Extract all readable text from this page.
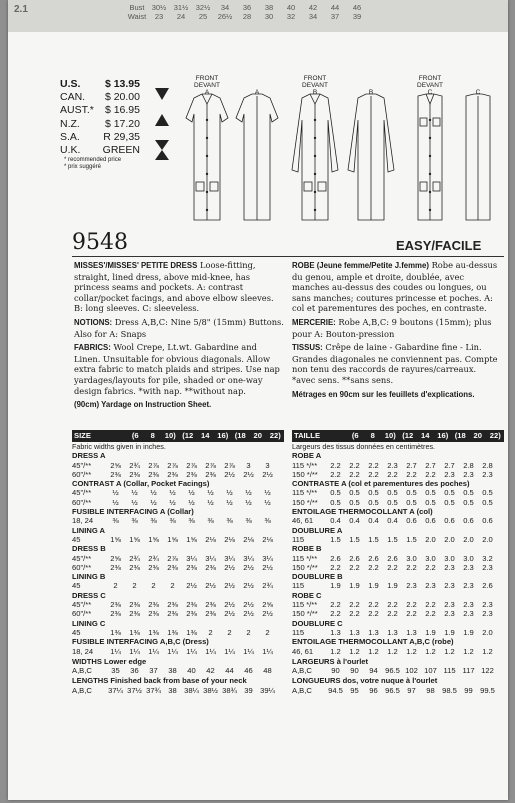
2.1	Bust 30½ 31½ 32½ 34 36 38 40 42 44 46
Waist 23 24 25 26½ 28 30 32 34 37 39
U.S.	$ 13.95
CAN.	$ 20.00
AUST.*	$ 16.95
N.Z.	$ 17.20
S.A.	R 29,35
U.K.	GREEN
* recommended price
* prix suggéré
FRONT
DEVANT
A	A
FRONT
DEVANT
B	B
FRONT
DEVANT
C	C
9548	EASY/FACILE

MISSES'/MISSES' PETITE DRESS Loose-fitting, straight, lined dress, above mid-knee, has princess seams and pockets. A: contrast collar/pocket facings, and above elbow sleeves. B: long sleeves. C: sleeveless.

NOTIONS: Dress A,B,C: Nine 5/8" (15mm) Buttons. Also for A: Snaps

FABRICS: Wool Crepe, Lt.wt. Gabardine and Linen. Unsuitable for obvious diagonals. Allow extra fabric to match plaids and stripes. Use nap yardages/layouts for pile, shaded or one-way design fabrics. *with nap. **without nap.

(90cm) Yardage on Instruction Sheet.

ROBE (Jeune femme/Petite J.femme) Robe au-dessus du genou, ample et droite, doublée, avec manches au-dessus des coudes ou longues, ou sans manches; coutures princesse et poches. A: col et parementures des poches, en contraste.

MERCERIE: Robe A,B,C: 9 boutons (15mm); plus pour A: Bouton-pression

TISSUS: Crêpe de laine - Gabardine fine - Lin. Grandes diagonales ne conviennent pas. Compte non tenu des raccords de rayures/carreaux. *avec sens. **sans sens.

Métrages en 90cm sur les feuillets d'explications.

SIZE	(6	8	10) (12	14	16) (18	20	22)
Fabric widths given in inches.
DRESS A
45"/**	2⅝	2¾	2⅞	2⅞	2⅞	2⅞	2⅞	3	3
60"/**	2⅜	2⅜	2⅜	2⅜	2⅜	2⅜	2½	2½	2½
CONTRAST A (Collar, Pocket Facings)
45"/**	½	½	½	½	½	½	½	½	½
60"/**	½	½	½	½	½	½	½	½	½
FUSIBLE INTERFACING A (Collar)
18, 24	⅜	⅜	⅜	⅜	⅜	⅜	⅜	⅜	⅜
LINING A
45	1⅝	1⅝	1⅝	1⅝	1⅝	2⅛	2⅛	2⅛	2⅛
DRESS B
45"/**	2⅝	2¾	2¾	2⅞	3¼	3¼	3¼	3¼	3¼
60"/**	2⅜	2⅜	2⅜	2⅜	2⅜	2⅜	2½	2½	2½
LINING B
45	2	2	2	2	2½	2½	2½	2½	2¾
DRESS C
45"/**	2⅜	2⅜	2⅜	2⅜	2⅜	2⅜	2½	2½	2⅝
60"/**	2⅜	2⅜	2⅜	2⅜	2⅜	2⅜	2½	2½	2½
LINING C
45	1⅜	1⅜	1⅜	1⅜	1⅜	2	2	2	2
FUSIBLE INTERFACING A,B,C (Dress)
18, 24	1¼	1¼	1¼	1¼	1¼	1¼	1¼	1¼	1¼
WIDTHS Lower edge
A,B,C	35	36	37	38	40	42	44	46	48
LENGTHS Finished back from base of your neck
A,B,C	37¼ 37½ 37¾ 38 38¼ 38½ 38¾ 39 39¼
TAILLE	(6	8	10) (12	14	16) (18	20	22)
Largeurs des tissus données en centimètres.
ROBE A
115 */**	2.2	2.2	2.2	2.3	2.7	2.7	2.7	2.8	2.8
150 */**	2.2	2.2	2.2	2.2	2.2	2.2	2.3	2.3	2.3
CONTRASTE A (col et parementures des poches)
115 */**	0.5	0.5	0.5	0.5	0.5	0.5	0.5	0.5	0.5
150 */**	0.5	0.5	0.5	0.5	0.5	0.5	0.5	0.5	0.5
ENTOILAGE THERMOCOLLANT A (col)
46, 61	0.4	0.4	0.4	0.4	0.6	0.6	0.6	0.6	0.6
DOUBLURE A
115	1.5	1.5	1.5	1.5	1.5	2.0	2.0	2.0	2.0
ROBE B
115 */**	2.6	2.6	2.6	2.6	3.0	3.0	3.0	3.0	3.2
150 */**	2.2	2.2	2.2	2.2	2.2	2.2	2.3	2.3	2.3
DOUBLURE B
115	1.9	1.9	1.9	1.9	2.3	2.3	2.3	2.3	2.6
ROBE C
115 */**	2.2	2.2	2.2	2.2	2.2	2.2	2.3	2.3	2.3
150 */**	2.2	2.2	2.2	2.2	2.2	2.2	2.3	2.3	2.3
DOUBLURE C
115	1.3	1.3	1.3	1.3	1.3	1.9	1.9	1.9	2.0
ENTOILAGE THERMOCOLLANT A,B,C (robe)
46, 61	1.2	1.2	1.2	1.2	1.2	1.2	1.2	1.2	1.2
LARGEURS à l'ourlet
A,B,C	90	90	94 96.5 102 107 115 117 122
LONGUEURS dos, votre nuque à l'ourlet
A,B,C	94.5 95	96 96.5 97	98 98.5 99 99.5
